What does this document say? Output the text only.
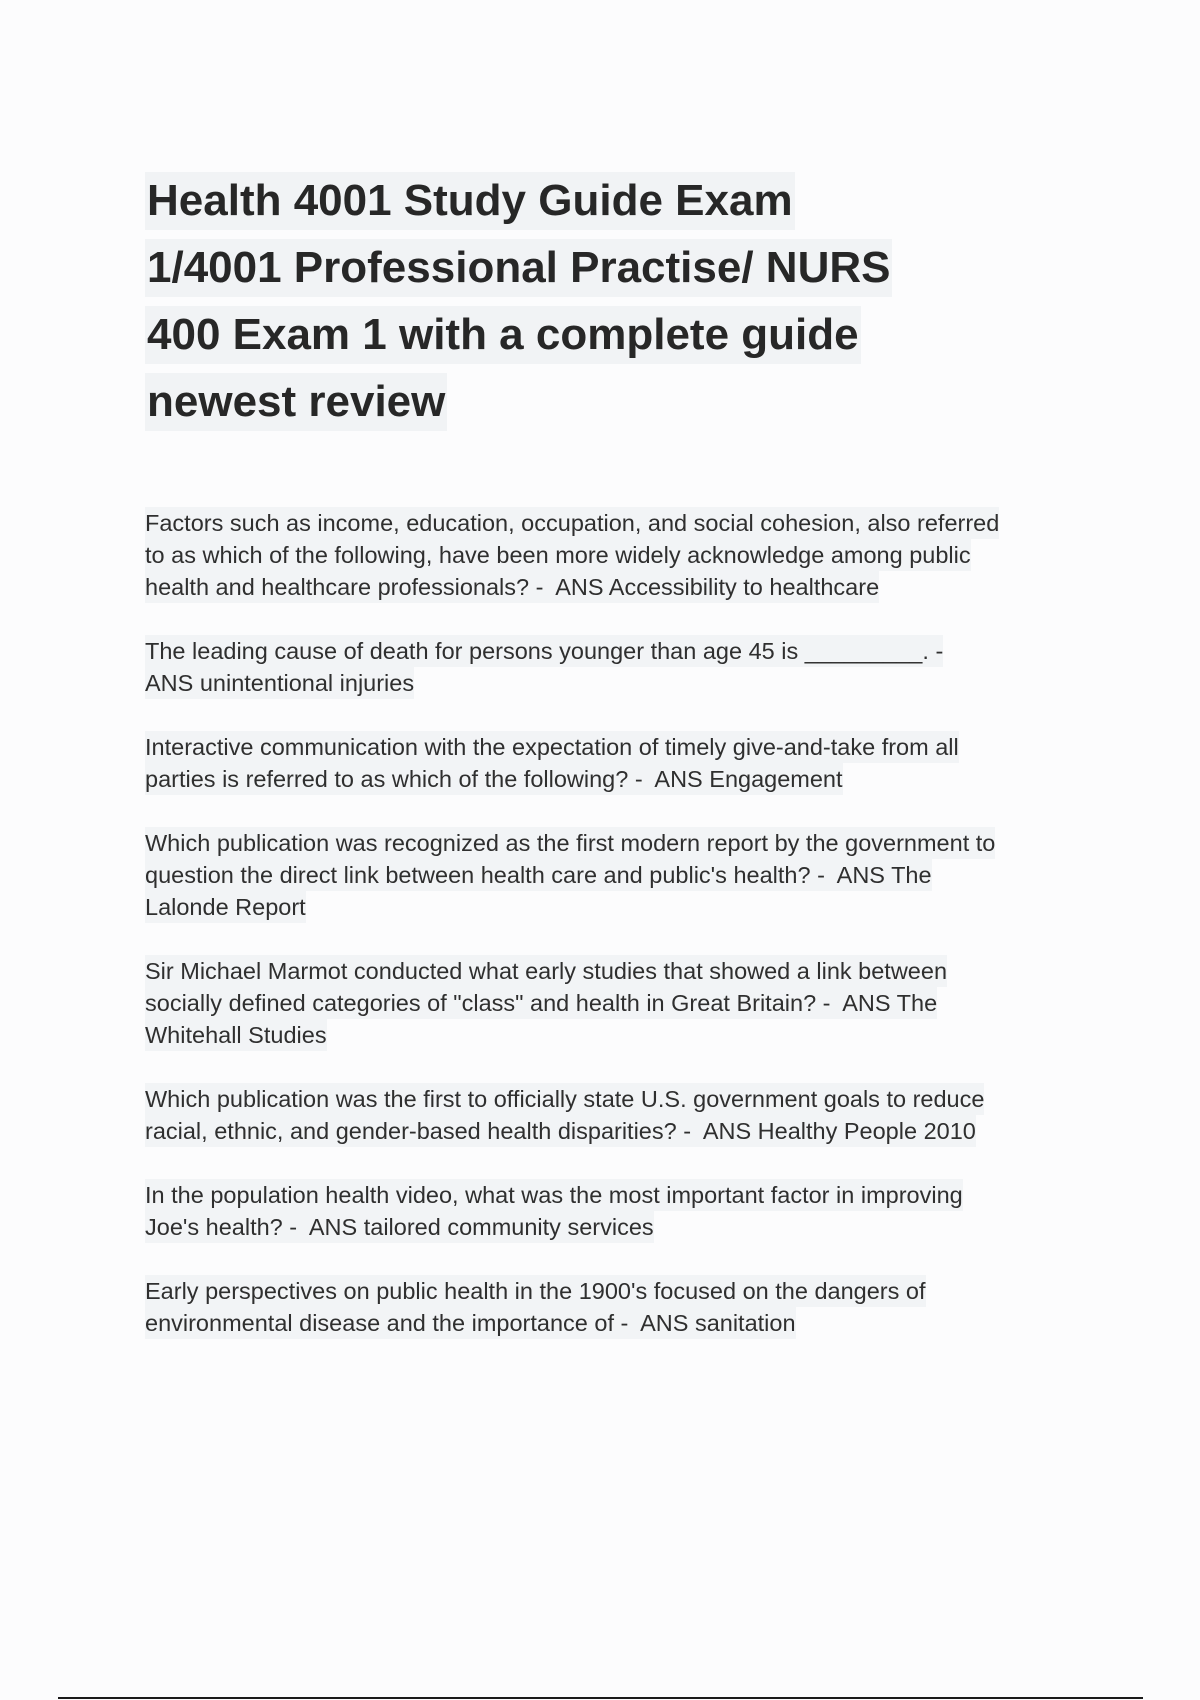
Health 4001 Study Guide Exam
1/4001 Professional Practise/ NURS
400 Exam 1 with a complete guide
newest review
Factors such as income, education, occupation, and social cohesion, also referred
to as which of the following, have been more widely acknowledge among public
health and healthcare professionals? -  ANS Accessibility to healthcare
The leading cause of death for persons younger than age 45 is _________. -
ANS unintentional injuries
Interactive communication with the expectation of timely give-and-take from all
parties is referred to as which of the following? -  ANS Engagement
Which publication was recognized as the first modern report by the government to
question the direct link between health care and public's health? -  ANS The
Lalonde Report
Sir Michael Marmot conducted what early studies that showed a link between
socially defined categories of "class" and health in Great Britain? -  ANS The
Whitehall Studies
Which publication was the first to officially state U.S. government goals to reduce
racial, ethnic, and gender-based health disparities? -  ANS Healthy People 2010
In the population health video, what was the most important factor in improving
Joe's health? -  ANS tailored community services
Early perspectives on public health in the 1900's focused on the dangers of
environmental disease and the importance of -  ANS sanitation
